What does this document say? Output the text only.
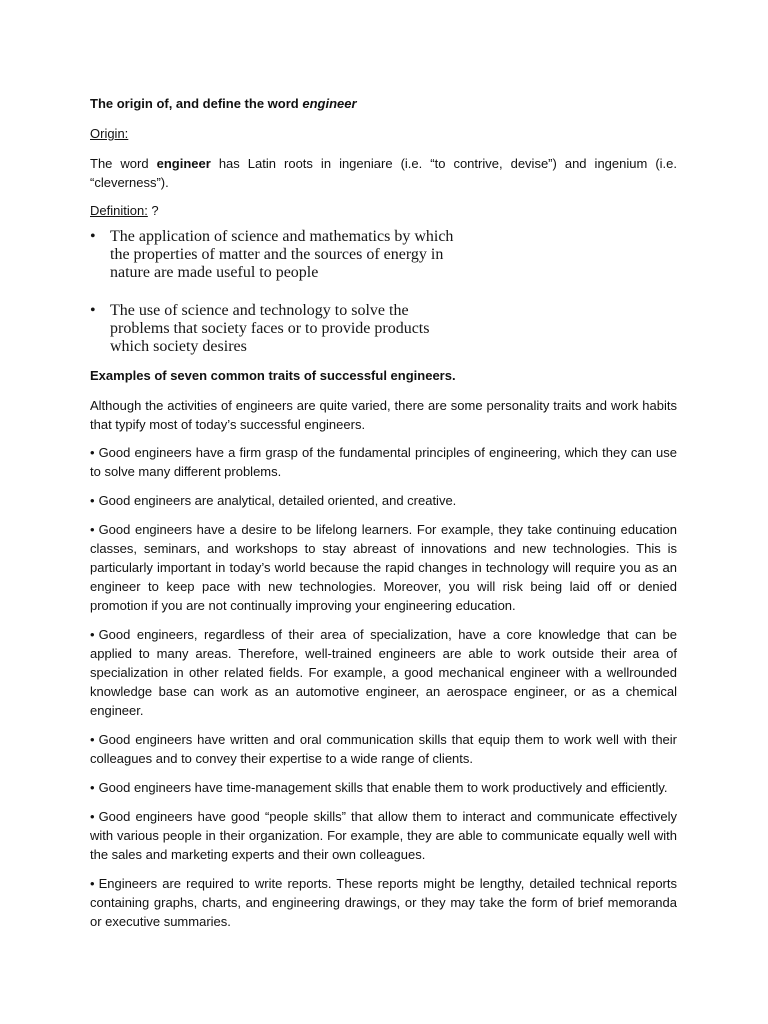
The origin of, and define the word engineer

Origin:

The word engineer has Latin roots in ingeniare (i.e. “to contrive, devise”) and ingenium (i.e. “cleverness”).

Definition: ?

• The application of science and mathematics by which the properties of matter and the sources of energy in nature are made useful to people
• The use of science and technology to solve the problems that society faces or to provide products which society desires

Examples of seven common traits of successful engineers.

Although the activities of engineers are quite varied, there are some personality traits and work habits that typify most of today’s successful engineers.

• Good engineers have a firm grasp of the fundamental principles of engineering, which they can use to solve many different problems.

• Good engineers are analytical, detailed oriented, and creative.

• Good engineers have a desire to be lifelong learners. For example, they take continuing education classes, seminars, and workshops to stay abreast of innovations and new technologies. This is particularly important in today’s world because the rapid changes in technology will require you as an engineer to keep pace with new technologies. Moreover, you will risk being laid off or denied promotion if you are not continually improving your engineering education.

• Good engineers, regardless of their area of specialization, have a core knowledge that can be applied to many areas. Therefore, well-trained engineers are able to work outside their area of specialization in other related fields. For example, a good mechanical engineer with a wellrounded knowledge base can work as an automotive engineer, an aerospace engineer, or as a chemical engineer.

• Good engineers have written and oral communication skills that equip them to work well with their colleagues and to convey their expertise to a wide range of clients.

• Good engineers have time-management skills that enable them to work productively and efficiently.

• Good engineers have good “people skills” that allow them to interact and communicate effectively with various people in their organization. For example, they are able to communicate equally well with the sales and marketing experts and their own colleagues.

• Engineers are required to write reports. These reports might be lengthy, detailed technical reports containing graphs, charts, and engineering drawings, or they may take the form of brief memoranda or executive summaries.
